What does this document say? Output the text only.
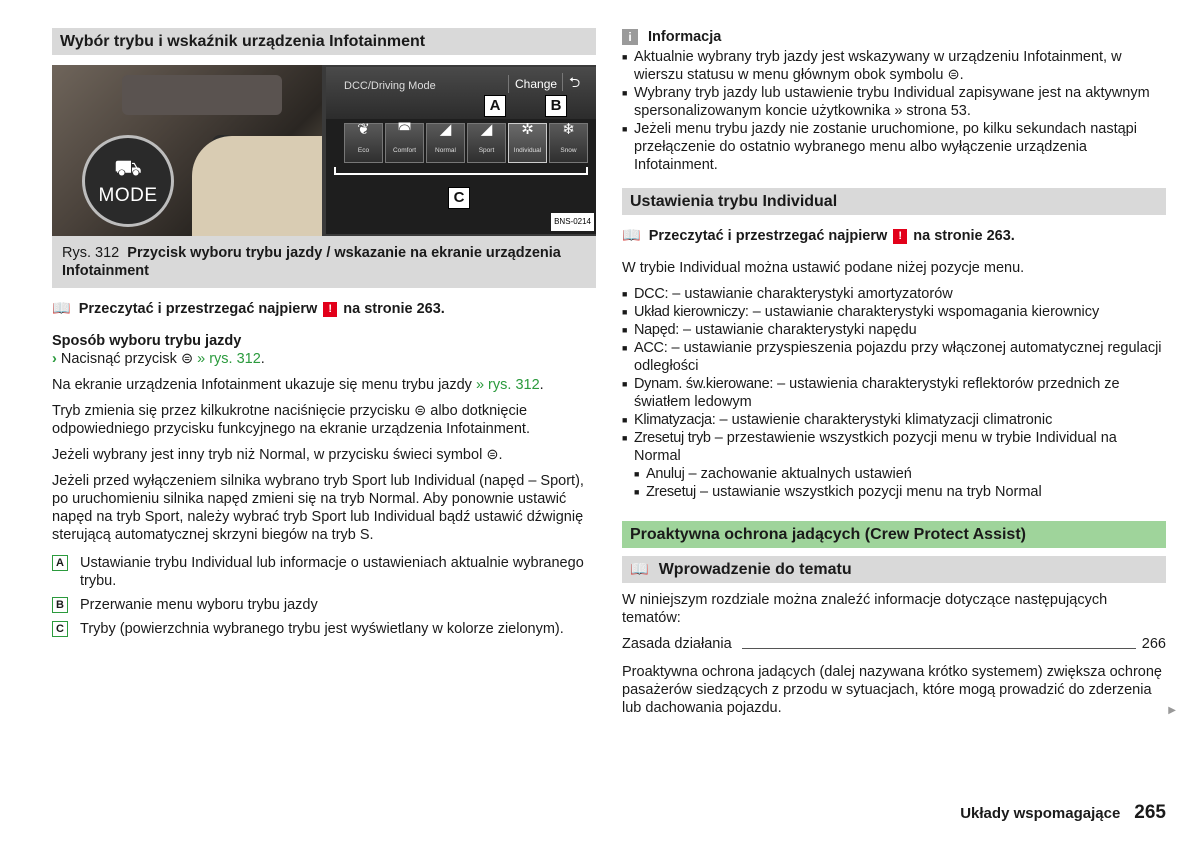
Wybór trybu i wskaźnik urządzenia Infotainment
⛟
MODE
DCC/Driving Mode	Change ⮌
A	B
❦
Eco
◚
Comfort
◢
Normal
◢
Sport
✲
Individual
❄
Snow
C
BNS-0214
Rys. 312 Przycisk wyboru trybu jazdy / wskazanie na ekranie urządzenia Infotainment
📖 Przeczytać i przestrzegać najpierw	! na stronie 263.

Sposób wyboru trybu jazdy

› Nacisnąć przycisk ⊜ » rys. 312.

Na ekranie urządzenia Infotainment ukazuje się menu trybu jazdy » rys. 312.

Tryb zmienia się przez kilkukrotne naciśnięcie przycisku ⊜ albo dotknięcie odpowiedniego przycisku funkcyjnego na ekranie urządzenia Infotainment.

Jeżeli wybrany jest inny tryb niż Normal, w przycisku świeci symbol ⊜.

Jeżeli przed wyłączeniem silnika wybrano tryb Sport lub Individual (napęd – Sport), po uruchomieniu silnika napęd zmieni się na tryb Normal. Aby ponownie ustawić napęd na tryb Sport, należy wybrać tryb Sport lub Individual bądź ustawić dźwignię sterującą automatycznej skrzyni biegów na tryb S.

A Ustawianie trybu Individual lub informacje o ustawieniach aktualnie wybranego trybu.
B Przerwanie menu wyboru trybu jazdy
C Tryby (powierzchnia wybranego trybu jest wyświetlany w kolorze zielonym).
i	Informacja
■ Aktualnie wybrany tryb jazdy jest wskazywany w urządzeniu Infotainment, w wierszu statusu w menu głównym obok symbolu ⊜.
■ Wybrany tryb jazdy lub ustawienie trybu Individual zapisywane jest na aktywnym spersonalizowanym koncie użytkownika » strona 53.
■ Jeżeli menu trybu jazdy nie zostanie uruchomione, po kilku sekundach nastąpi przełączenie do ostatnio wybranego menu albo wyłączenie urządzenia Infotainment.
Ustawienia trybu Individual
📖 Przeczytać i przestrzegać najpierw	! na stronie 263.

W trybie Individual można ustawić podane niżej pozycje menu.

■ DCC: – ustawianie charakterystyki amortyzatorów
■ Układ kierowniczy: – ustawianie charakterystyki wspomagania kierownicy
■ Napęd: – ustawianie charakterystyki napędu
■ ACC: – ustawianie przyspieszenia pojazdu przy włączonej automatycznej regulacji odległości
■ Dynam. św.kierowane: – ustawienia charakterystyki reflektorów przednich ze światłem ledowym
■ Klimatyzacja: – ustawienie charakterystyki klimatyzacji climatronic
■ Zresetuj tryb – przestawienie wszystkich pozycji menu w trybie Individual na Normal
■ Anuluj – zachowanie aktualnych ustawień
■ Zresetuj – ustawianie wszystkich pozycji menu na tryb Normal
Proaktywna ochrona jadących (Crew Protect Assist)
📖 Wprowadzenie do tematu

W niniejszym rozdziale można znaleźć informacje dotyczące następujących tematów:

Zasada działania	266

Proaktywna ochrona jadących (dalej nazywana krótko systemem) zwiększa ochronę pasażerów siedzących z przodu w sytuacjach, które mogą prowadzić do zderzenia lub dachowania pojazdu.	▶
Układy wspomagające 265
